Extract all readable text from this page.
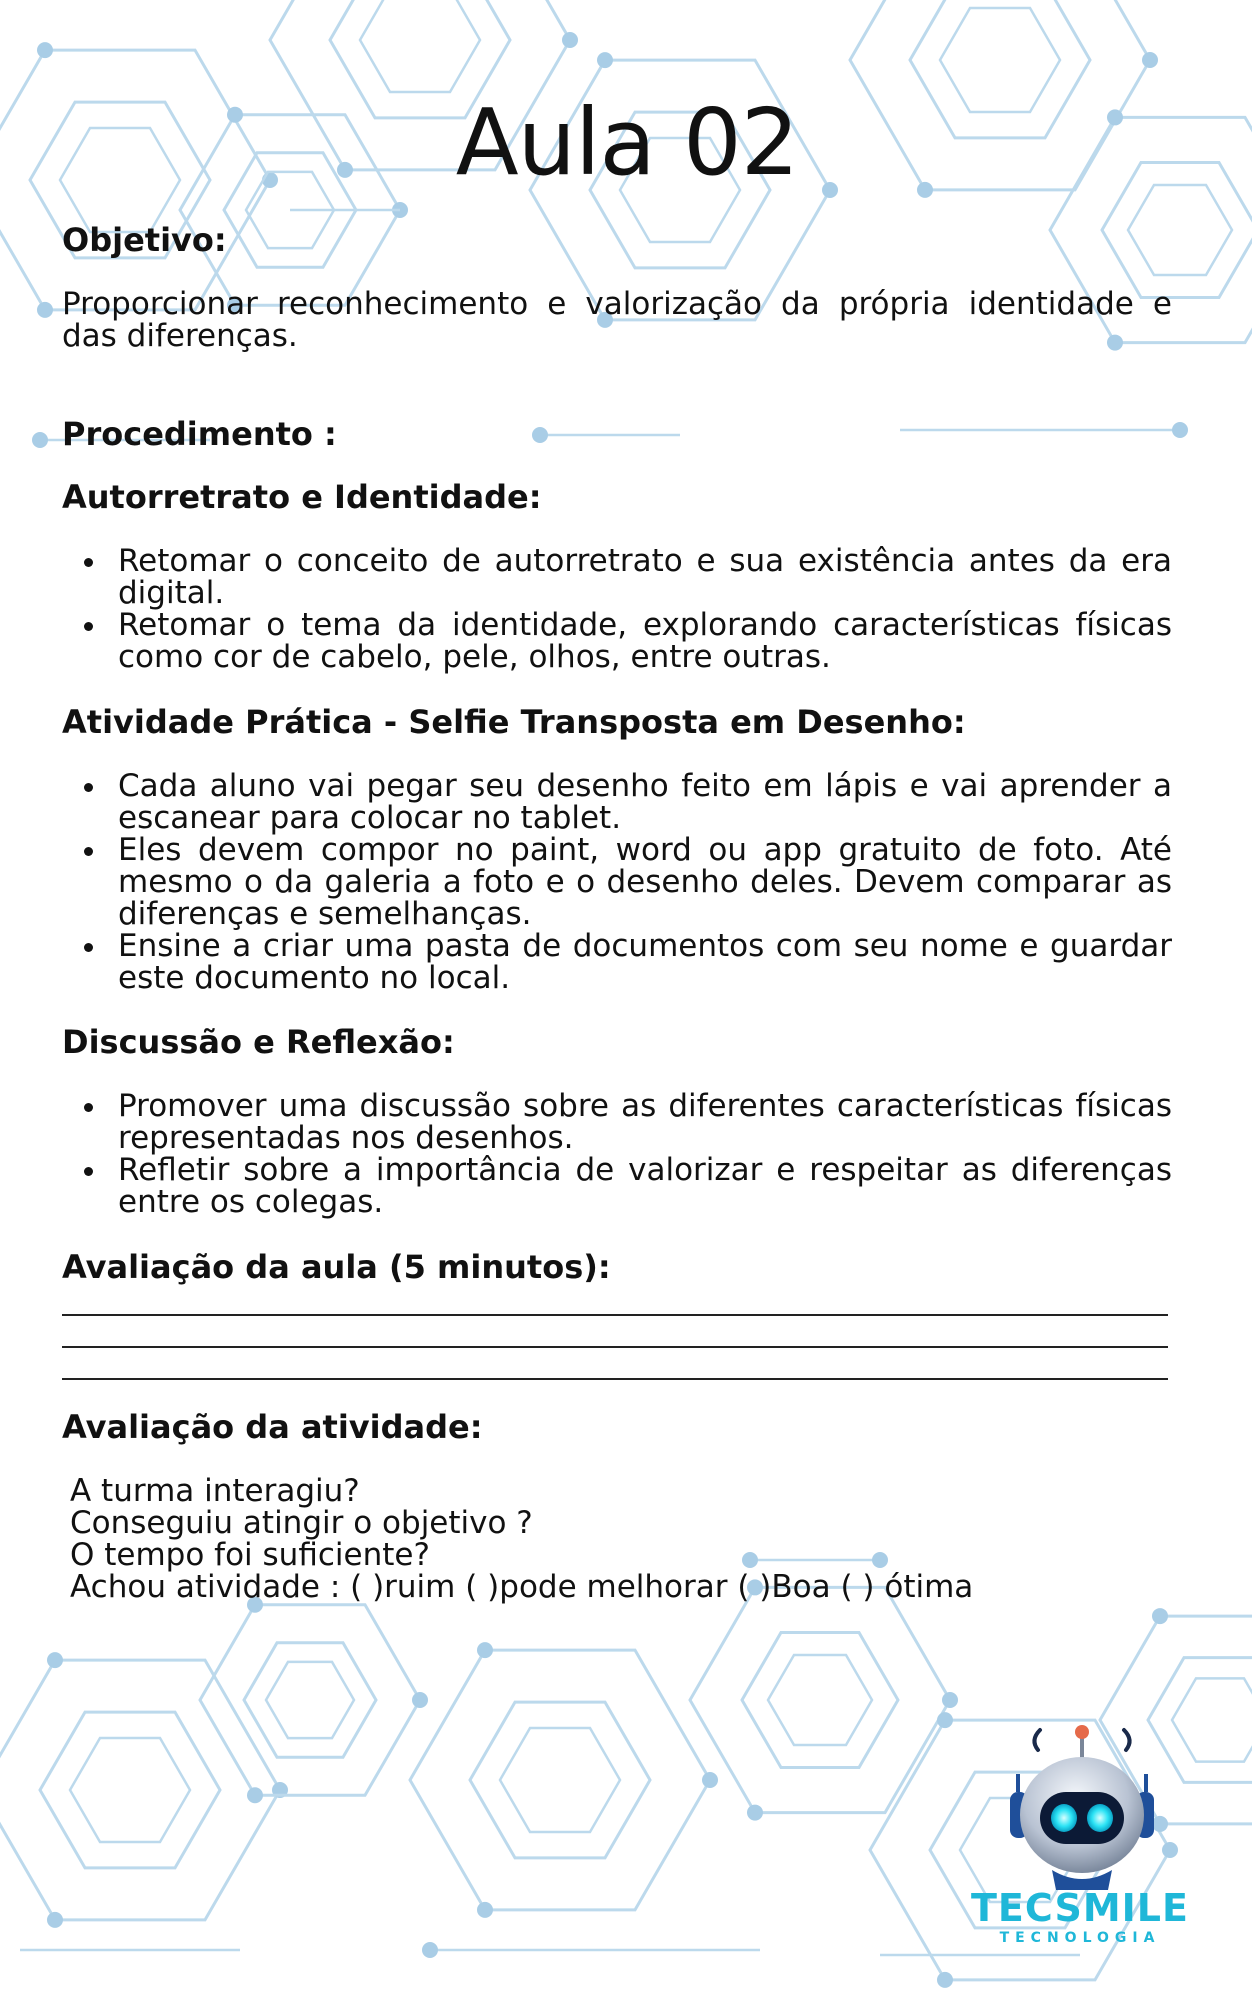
Aula 02
Objetivo:

Proporcionar reconhecimento e valorização da própria identidade e das diferenças.

Procedimento :
Autorretrato e Identidade:
Retomar o conceito de autorretrato e sua existência antes da era digital.
Retomar o tema da identidade, explorando características físicas como cor de cabelo, pele, olhos, entre outras.
Atividade Prática - Selfie Transposta em Desenho:
Cada aluno vai pegar seu desenho feito em lápis e vai aprender a escanear para colocar no tablet.
Eles devem compor no paint, word ou app gratuito de foto. Até mesmo o da galeria a foto e o desenho deles. Devem comparar as diferenças e semelhanças.
Ensine a criar uma pasta de documentos com seu nome e guardar este documento no local.
Discussão e Reflexão:
Promover uma discussão sobre as diferentes características físicas representadas nos desenhos.
Refletir sobre a importância de valorizar e respeitar as diferenças entre os colegas.
Avaliação da aula (5 minutos):
Avaliação da atividade:

A turma interagiu?

Conseguiu atingir o objetivo ?

O tempo foi suficiente?

Achou atividade : ( )ruim ( )pode melhorar ( )Boa ( ) ótima

TECSMILE
TECNOLOGIA
